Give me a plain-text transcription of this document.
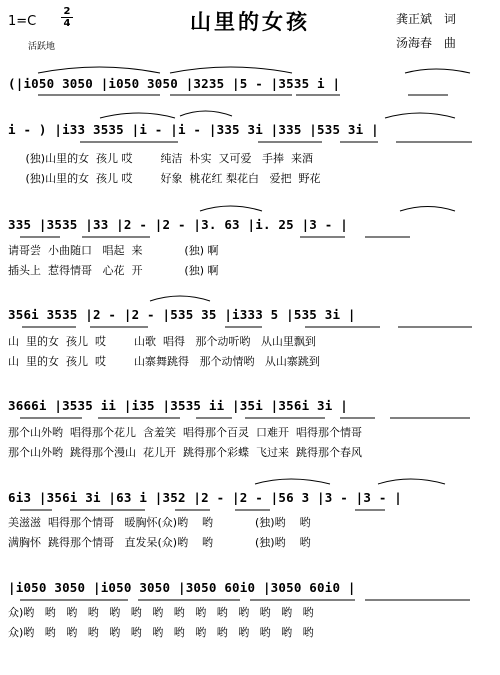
1=C
2
4
活跃地
山里的女孩	龚正斌 词
汤海春 曲
(|i050 3050 |i050 3050 |3235 |5 - |3535 i |
i - ) |i33 3535 |i - |i - |335 3i |335 |535 3i |
(独)山里的女  孩儿 哎        纯洁  朴实  又可爱   手捧  来酒
(独)山里的女  孩儿 哎        好象  桃花红 梨花白   爱把  野花
335 |3535 |33 |2 - |2 - |3. 63 |i. 25 |3 - |
请哥尝  小曲随口   唱起  来            (独) 啊
插头上  惹得情哥   心花  开            (独) 啊
356i 3535 |2 - |2 - |535 35 |i333 5 |535 3i |
山  里的女  孩儿  哎        山歌  唱得   那个动听哟   从山里飘到
山  里的女  孩儿  哎        山寨舞跳得   那个动情哟   从山寨跳到
3666i |3535 ii |i35 |3535 ii |35i |356i 3i |
那个山外哟  唱得那个花儿  含羞笑  唱得那个百灵  口难开  唱得那个情哥
那个山外哟  跳得那个漫山  花儿开  跳得那个彩蝶  飞过来  跳得那个春风
6i3 |356i 3i |63 i |352 |2 - |2 - |56 3 |3 - |3 - |
美滋滋  唱得那个情哥   暖胸怀(众)哟    哟            (独)哟    哟
满胸怀  跳得那个情哥   直发呆(众)哟    哟            (独)哟    哟
|i050 3050 |i050 3050 |3050 60i0 |3050 60i0 |
众)哟   哟   哟   哟   哟   哟   哟   哟   哟   哟   哟   哟   哟   哟
众)哟   哟   哟   哟   哟   哟   哟   哟   哟   哟   哟   哟   哟   哟
